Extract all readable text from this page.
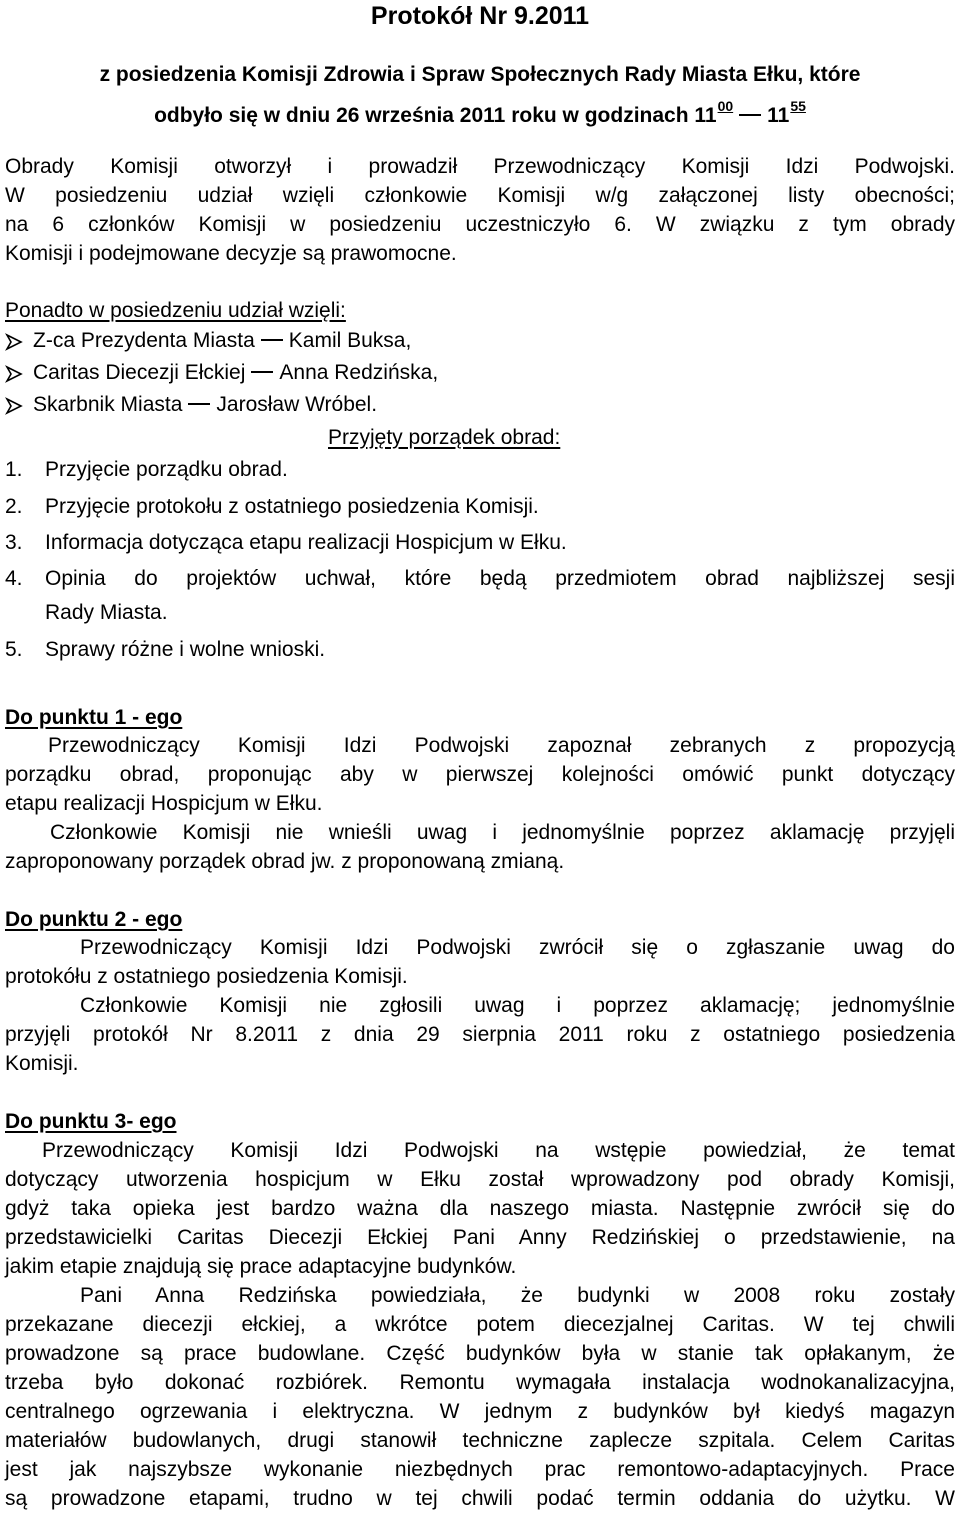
Protokół Nr 9.2011
z posiedzenia Komisji Zdrowia i Spraw Społecznych Rady Miasta Ełku, które
odbyło się w dniu 26 września 2011 roku w godzinach $11^{00}$ $11^{55}$
Obrady Komisji otworzył i prowadził Przewodniczący Komisji Idzi Podwojski.
W posiedzeniu udział wzięli członkowie Komisji w/g załączonej listy obecności;
na 6 członków Komisji w posiedzeniu uczestniczyło 6. W związku z tym obrady
Komisji i podejmowane decyzje są prawomocne.
Ponadto w posiedzeniu udział wzięli:
Z-ca Prezydenta Miasta Kamil Buksa,
Caritas Diecezji Ełckiej Anna Redzińska,
Skarbnik Miasta Jarosław Wróbel.
Przyjęty porządek obrad:
1. Przyjęcie porządku obrad.
2. Przyjęcie protokołu z ostatniego posiedzenia Komisji.
3. Informacja dotycząca etapu realizacji Hospicjum w Ełku.
4. Opinia do projektów uchwał, które będą przedmiotem obrad najbliższej sesji
Rady Miasta.
5. Sprawy różne i wolne wnioski.
Do punktu 1 - ego
Przewodniczący Komisji Idzi Podwojski zapoznał zebranych z propozycją
porządku obrad, proponując aby w pierwszej kolejności omówić punkt dotyczący
etapu realizacji Hospicjum w Ełku.
Członkowie Komisji nie wnieśli uwag i jednomyślnie poprzez aklamację przyjęli
zaproponowany porządek obrad jw. z proponowaną zmianą.
Do punktu 2 - ego
Przewodniczący Komisji Idzi Podwojski zwrócił się o zgłaszanie uwag do
protokółu z ostatniego posiedzenia Komisji.
Członkowie Komisji nie zgłosili uwag i poprzez aklamację; jednomyślnie
przyjęli protokół Nr 8.2011 z dnia 29 sierpnia 2011 roku z ostatniego posiedzenia
Komisji.
Do punktu 3- ego
Przewodniczący Komisji Idzi Podwojski na wstępie powiedział, że temat
dotyczący utworzenia hospicjum w Ełku został wprowadzony pod obrady Komisji,
gdyż taka opieka jest bardzo ważna dla naszego miasta. Następnie zwrócił się do
przedstawicielki Caritas Diecezji Ełckiej Pani Anny Redzińskiej o przedstawienie, na
jakim etapie znajdują się prace adaptacyjne budynków.
Pani Anna Redzińska powiedziała, że budynki w 2008 roku zostały
przekazane diecezji ełckiej, a wkrótce potem diecezjalnej Caritas. W tej chwili
prowadzone są prace budowlane. Część budynków była w stanie tak opłakanym, że
trzeba było dokonać rozbiórek. Remontu wymagała instalacja wodnokanalizacyjna,
centralnego ogrzewania i elektryczna. W jednym z budynków był kiedyś magazyn
materiałów budowlanych, drugi stanowił techniczne zaplecze szpitala. Celem Caritas
jest jak najszybsze wykonanie niezbędnych prac remontowo-adaptacyjnych. Prace
są prowadzone etapami, trudno w tej chwili podać termin oddania do użytku. W
